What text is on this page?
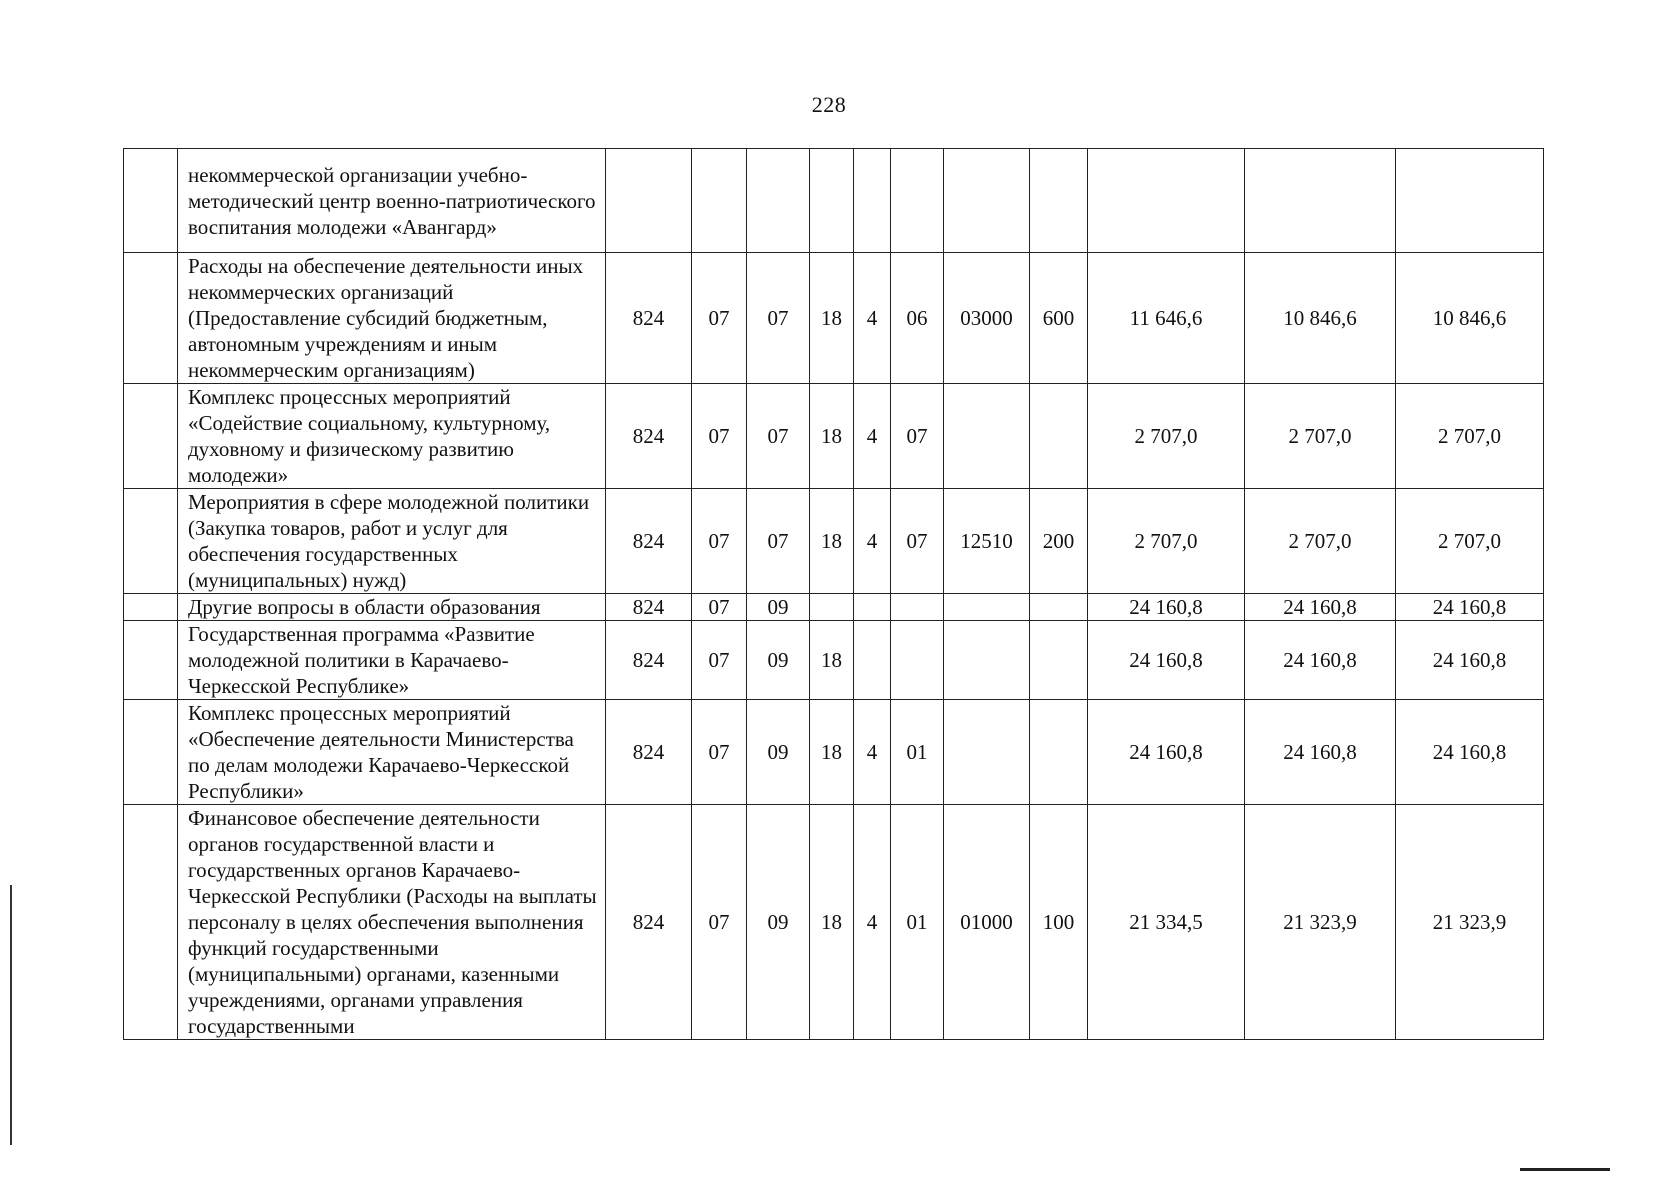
228
	некоммерческой организации учебно-методический центр военно-патриотического воспитания молодежи «Авангард»											
	Расходы на обеспечение деятельности иных некоммерческих организаций (Предоставление субсидий бюджетным, автономным учреждениям и иным некоммерческим организациям)	824	07	07	18	4	06	03000	600	11 646,6	10 846,6	10 846,6
	Комплекс процессных мероприятий «Содействие социальному, культурному, духовному и физическому развитию молодежи»	824	07	07	18	4	07			2 707,0	2 707,0	2 707,0
	Мероприятия в сфере молодежной политики (Закупка товаров, работ и услуг для обеспечения государственных (муниципальных) нужд)	824	07	07	18	4	07	12510	200	2 707,0	2 707,0	2 707,0
	Другие вопросы в области образования	824	07	09						24 160,8	24 160,8	24 160,8
	Государственная программа «Развитие молодежной политики в Карачаево-Черкесской Республике»	824	07	09	18					24 160,8	24 160,8	24 160,8
	Комплекс процессных мероприятий «Обеспечение деятельности Министерства по делам молодежи Карачаево-Черкесской Республики»	824	07	09	18	4	01			24 160,8	24 160,8	24 160,8
	Финансовое обеспечение деятельности органов государственной власти и государственных органов Карачаево-Черкесской Республики (Расходы на выплаты персоналу в целях обеспечения выполнения функций государственными (муниципальными) органами, казенными учреждениями, органами управления государственными	824	07	09	18	4	01	01000	100	21 334,5	21 323,9	21 323,9
